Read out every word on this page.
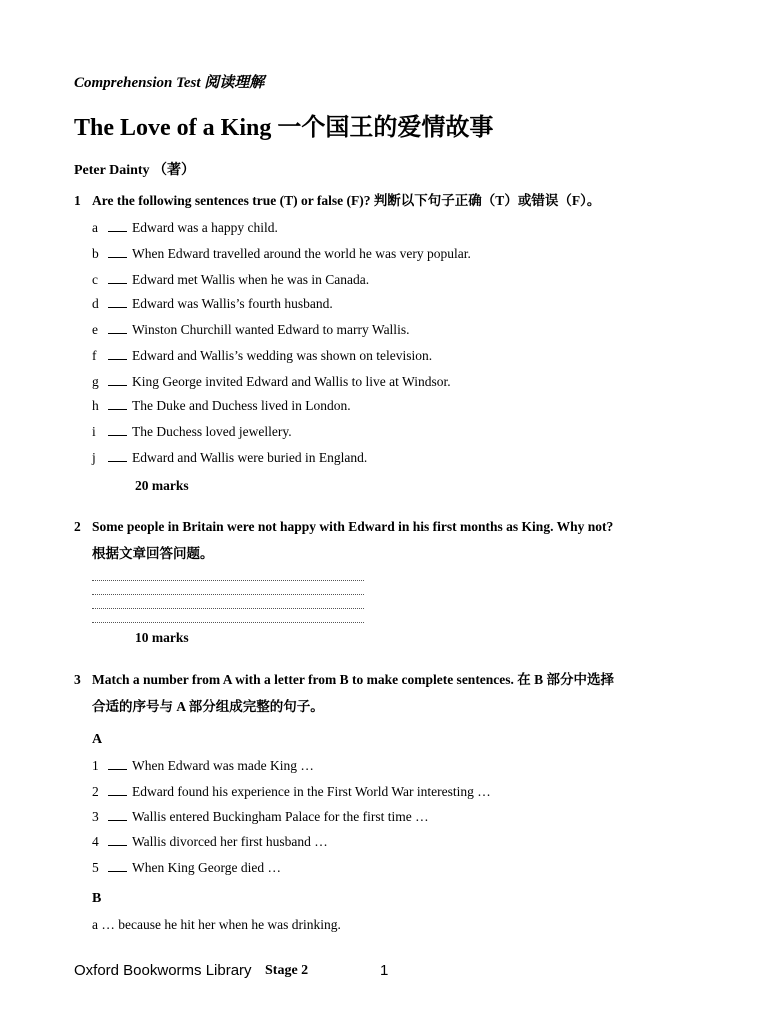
Comprehension Test 阅读理解
The Love of a King 一个国王的爱情故事
Peter Dainty （著）
1 Are the following sentences true (T) or false (F)? 判断以下句子正确（T）或错误（F）。
a	Edward was a happy child.
b When Edward travelled around the world he was very popular.
c	Edward met Wallis when he was in Canada.
d Edward was Wallis’s fourth husband.
e	Winston Churchill wanted Edward to marry Wallis.
f	Edward and Wallis’s wedding was shown on television.
g King George invited Edward and Wallis to live at Windsor.
h The Duke and Duchess lived in London.
i	The Duchess loved jewellery.
j	Edward and Wallis were buried in England.
20 marks
2 Some people in Britain were not happy with Edward in his first months as King. Why not?
根据文章回答问题。
10 marks
3 Match a number from A with a letter from B to make complete sentences. 在 B 部分中选择
合适的序号与 A 部分组成完整的句子。
A
1 When Edward was made King …
2 Edward found his experience in the First World War interesting …
3 Wallis entered Buckingham Palace for the first time …
4 Wallis divorced her first husband …
5 When King George died …
B
a … because he hit her when he was drinking.
Oxford Bookworms Library Stage 2	1
